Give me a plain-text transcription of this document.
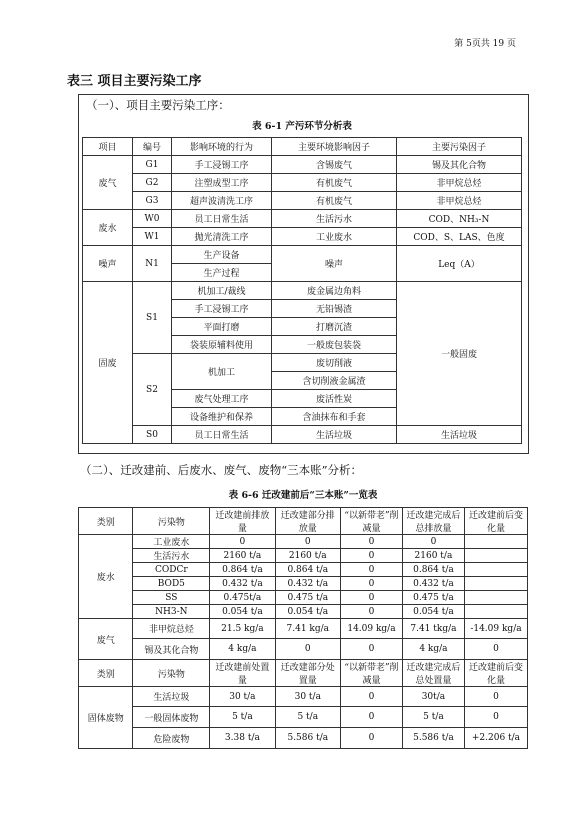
第 5页共 19 页
表三 项目主要污染工序
（一）、项目主要污染工序：
表 6-1 产污环节分析表
项目	编号	影响环境的行为	主要环境影响因子	主要污染因子
废气	G1	手工浸锡工序	含锡废气	锡及其化合物
	G2	注塑成型工序	有机废气	非甲烷总烃
	G3	超声波清洗工序	有机废气	非甲烷总烃
废水	W0	员工日常生活	生活污水	COD、NH₃-N
	W1	抛光清洗工序	工业废水	COD、S、LAS、色度
噪声	N1	生产设备	噪声	Leq（A）
		生产过程		
固废	S1	机加工/裁线	废金属边角料	一般固废
		手工浸锡工序	无铅锡渣	
		平面打磨	打磨沉渣	
		袋装原辅料使用	一般废包装袋	
	S2	机加工	废切削液	
			含切削液金属渣	
		废气处理工序	废活性炭	
		设备维护和保养	含油抹布和手套	
	S0	员工日常生活	生活垃圾	生活垃圾
（二）、迁改建前、后废水、废气、废物“三本账”分析：
表 6-6 迁改建前后“三本账”一览表
类别	污染物	迁改建前排放量	迁改建部分排放量	“以新带老”削减量	迁改建完成后总排放量	迁改建前后变化量
废水	工业废水	0	0	0	0	
	生活污水	2160 t/a	2160 t/a	0	2160 t/a	
	CODCr	0.864 t/a	0.864 t/a	0	0.864 t/a	
	BOD5	0.432 t/a	0.432 t/a	0	0.432 t/a	
	SS	0.475t/a	0.475 t/a	0	0.475 t/a	
	NH3-N	0.054 t/a	0.054 t/a	0	0.054 t/a	
废气	非甲烷总烃	21.5 kg/a	7.41 kg/a	14.09 kg/a	7.41 tkg/a	-14.09 kg/a
	锡及其化合物	4 kg/a	0	0	4 kg/a	0
类别	污染物	迁改建前处置量	迁改建部分处置量	“以新带老”削减量	迁改建完成后总处置量	迁改建前后变化量
固体废物	生活垃圾	30 t/a	30 t/a	0	30t/a	0
	一般固体废物	5 t/a	5 t/a	0	5 t/a	0
	危险废物	3.38 t/a	5.586 t/a	0	5.586 t/a	+2.206 t/a
